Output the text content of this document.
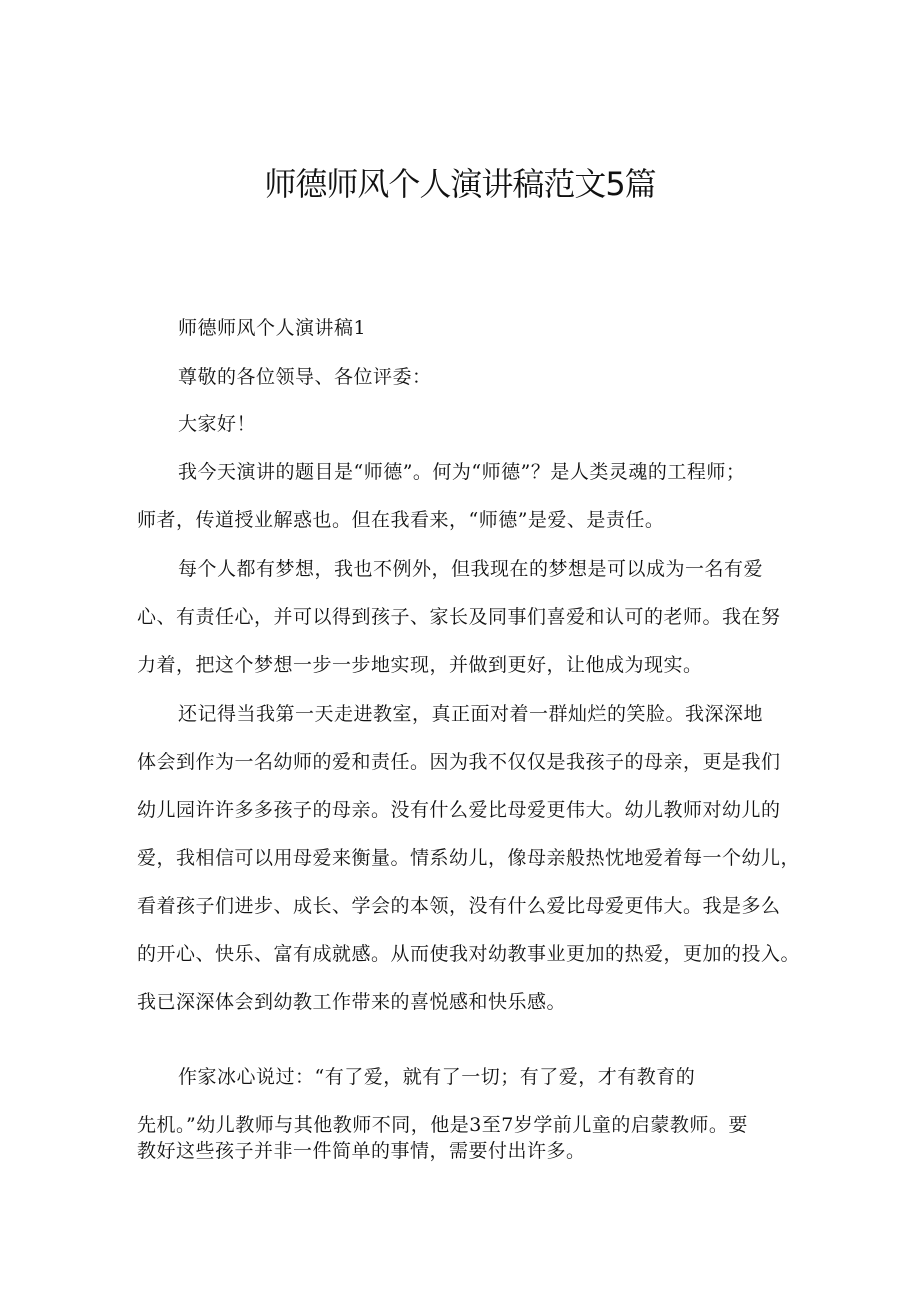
师德师风个人演讲稿范文5篇

师德师风个人演讲稿1

尊敬的各位领导、各位评委：

大家好！

我今天演讲的题目是“师德”。何为“师德”？是人类灵魂的工程师；

师者，传道授业解惑也。但在我看来，“师德”是爱、是责任。

每个人都有梦想，我也不例外，但我现在的梦想是可以成为一名有爱

心、有责任心，并可以得到孩子、家长及同事们喜爱和认可的老师。我在努

力着，把这个梦想一步一步地实现，并做到更好，让他成为现实。

还记得当我第一天走进教室，真正面对着一群灿烂的笑脸。我深深地

体会到作为一名幼师的爱和责任。因为我不仅仅是我孩子的母亲，更是我们

幼儿园许许多多孩子的母亲。没有什么爱比母爱更伟大。幼儿教师对幼儿的

爱，我相信可以用母爱来衡量。情系幼儿，像母亲般热忱地爱着每一个幼儿，

看着孩子们进步、成长、学会的本领，没有什么爱比母爱更伟大。我是多么

的开心、快乐、富有成就感。从而使我对幼教事业更加的热爱，更加的投入。

我已深深体会到幼教工作带来的喜悦感和快乐感。

作家冰心说过：“有了爱，就有了一切；有了爱，才有教育的

先机。”幼儿教师与其他教师不同，他是3至7岁学前儿童的启蒙教师。要

教好这些孩子并非一件简单的事情，需要付出许多。
